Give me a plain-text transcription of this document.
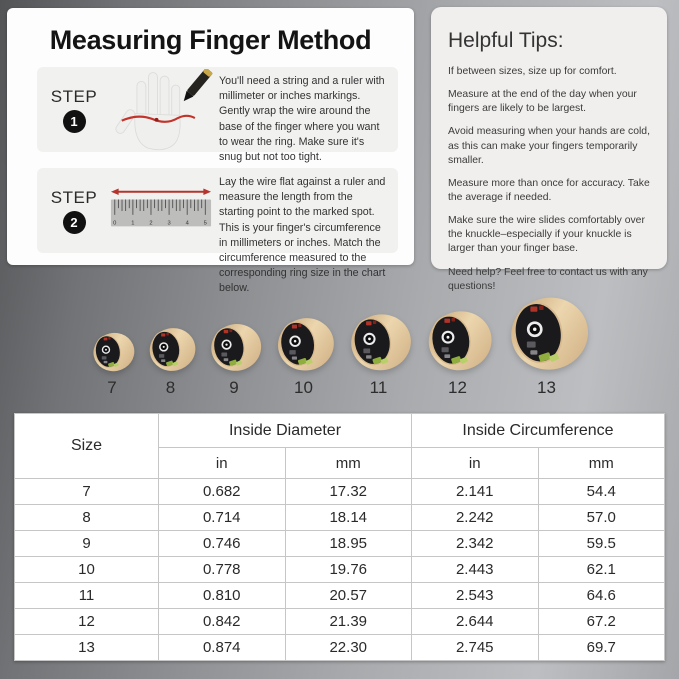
Measuring Finger Method
STEP
1

You'll need a string and a ruler with millimeter or inches markings. Gently wrap the wire around the base of the finger where you want to wear the ring. Make sure it's snug but not too tight.

STEP
2	0 1 2 3 4 5

Lay the wire flat against a ruler and measure the length from the starting point to the marked spot. This is your finger's circumference in millimeters or inches. Match the circumference measured to the corresponding ring size in the chart below.

Helpful Tips:

If between sizes, size up for comfort.

Measure at the end of the day when your fingers are likely to be largest.

Avoid measuring when your hands are cold, as this can make your fingers temporarily smaller.

Measure more than once for accuracy. Take the average if needed.

Make sure the wire slides comfortably over the knuckle–especially if your knuckle is larger than your finger base.

Need help? Feel free to contact us with any questions!

7	8	9	10	11	12	13
Size	Inside Diameter		Inside Circumference	
	in	mm	in	mm
7	0.682	17.32	2.141	54.4
8	0.714	18.14	2.242	57.0
9	0.746	18.95	2.342	59.5
10	0.778	19.76	2.443	62.1
11	0.810	20.57	2.543	64.6
12	0.842	21.39	2.644	67.2
13	0.874	22.30	2.745	69.7
